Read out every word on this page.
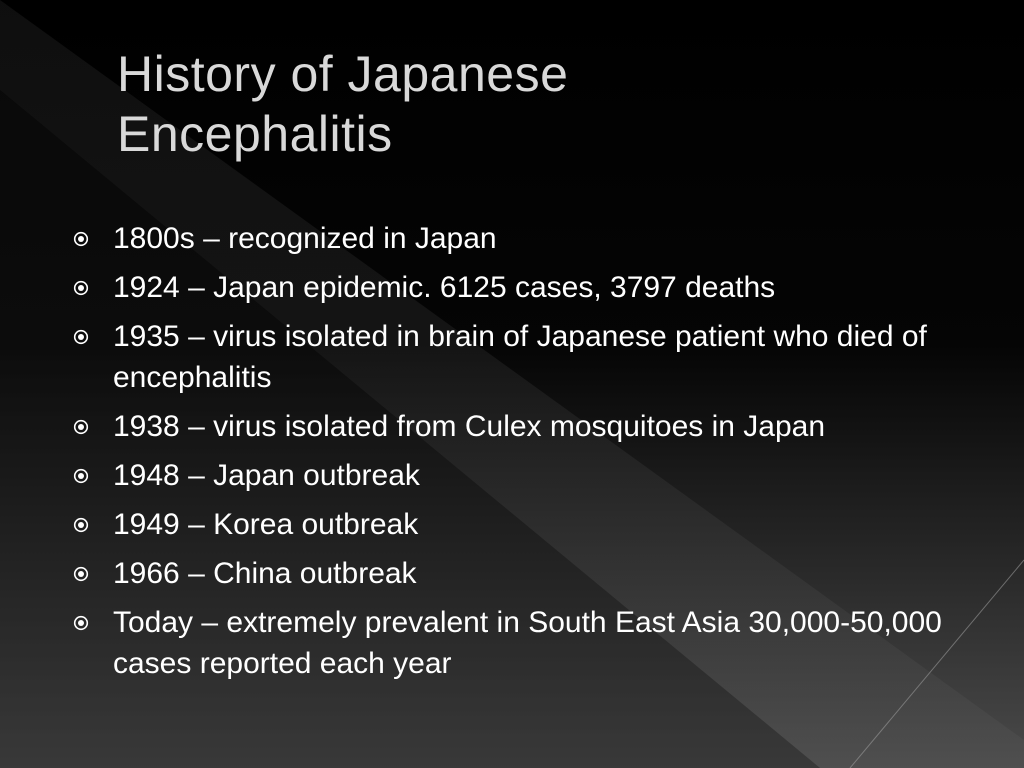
History of Japanese
Encephalitis
1800s – recognized in Japan
1924 – Japan epidemic. 6125 cases, 3797 deaths
1935 – virus isolated in brain of Japanese patient who died of encephalitis
1938 – virus isolated from Culex mosquitoes in Japan
1948 – Japan outbreak
1949 – Korea outbreak
1966 – China outbreak
Today – extremely prevalent in South East Asia 30,000-50,000 cases reported each year
